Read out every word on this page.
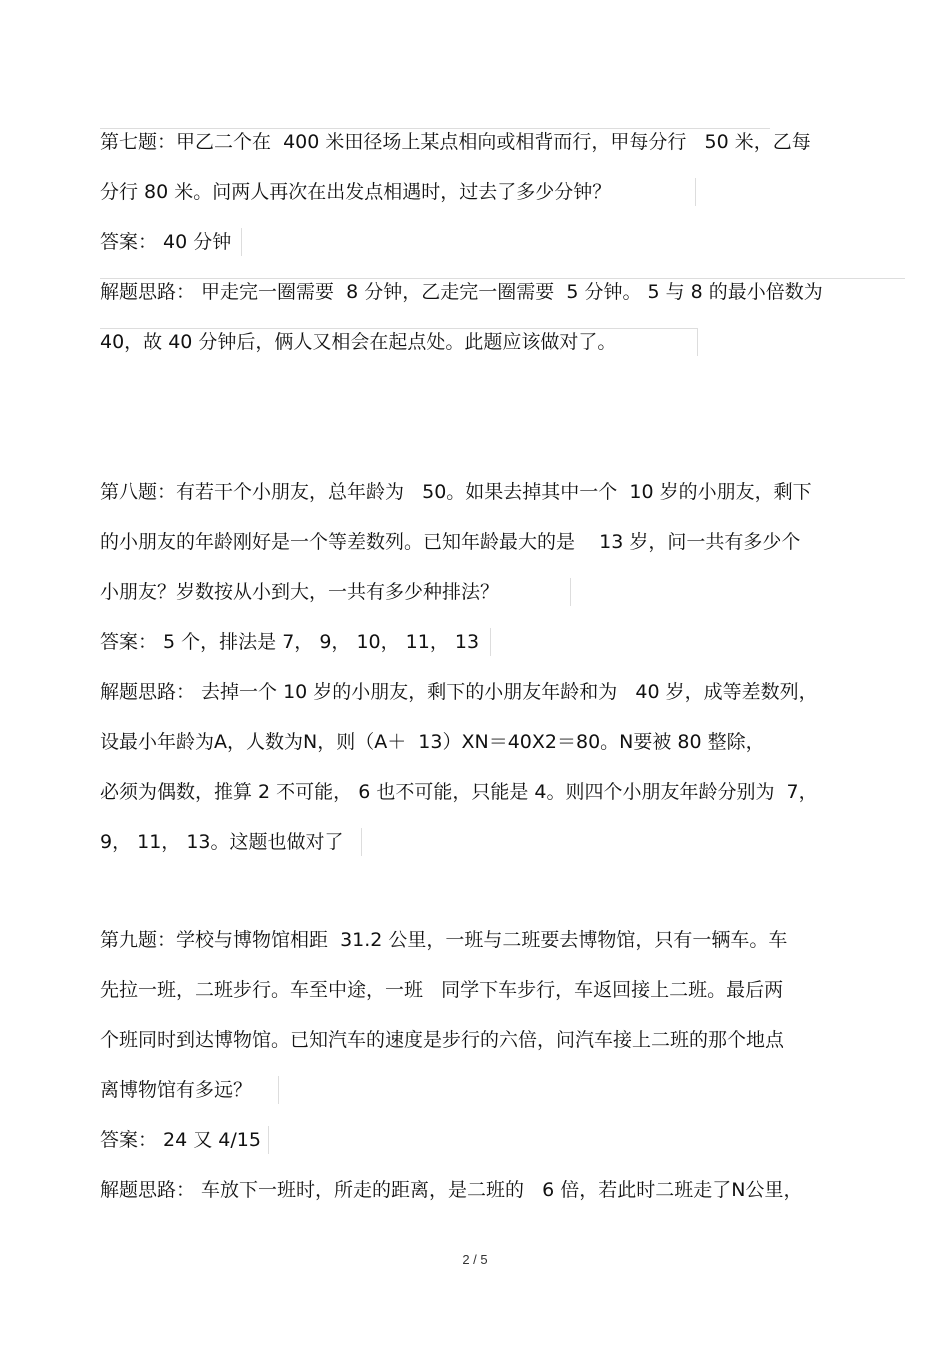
第七题：甲乙二个在  400 米田径场上某点相向或相背而行，甲每分行   50 米，乙每

分行 80 米。问两人再次在出发点相遇时，过去了多少分钟？

答案： 40 分钟

解题思路： 甲走完一圈需要  8 分钟，乙走完一圈需要  5 分钟。 5 与 8 的最小倍数为

40，故 40 分钟后，俩人又相会在起点处。此题应该做对了。

第八题：有若干个小朋友，总年龄为   50。如果去掉其中一个  10 岁的小朋友，剩下

的小朋友的年龄刚好是一个等差数列。已知年龄最大的是    13 岁，问一共有多少个

小朋友？岁数按从小到大，一共有多少种排法？

答案： 5 个，排法是 7， 9， 10， 11， 13

解题思路： 去掉一个 10 岁的小朋友，剩下的小朋友年龄和为   40 岁，成等差数列，

设最小年龄为A，人数为N，则（A＋  13）XN＝40X2＝80。N要被 80 整除，

必须为偶数，推算 2 不可能， 6 也不可能，只能是 4。则四个小朋友年龄分别为  7，

9， 11， 13。这题也做对了

第九题：学校与博物馆相距  31.2 公里，一班与二班要去博物馆，只有一辆车。车

先拉一班，二班步行。车至中途，一班   同学下车步行，车返回接上二班。最后两

个班同时到达博物馆。已知汽车的速度是步行的六倍，问汽车接上二班的那个地点

离博物馆有多远？

答案： 24 又 4/15

解题思路： 车放下一班时，所走的距离，是二班的   6 倍，若此时二班走了N公里，

2 / 5
